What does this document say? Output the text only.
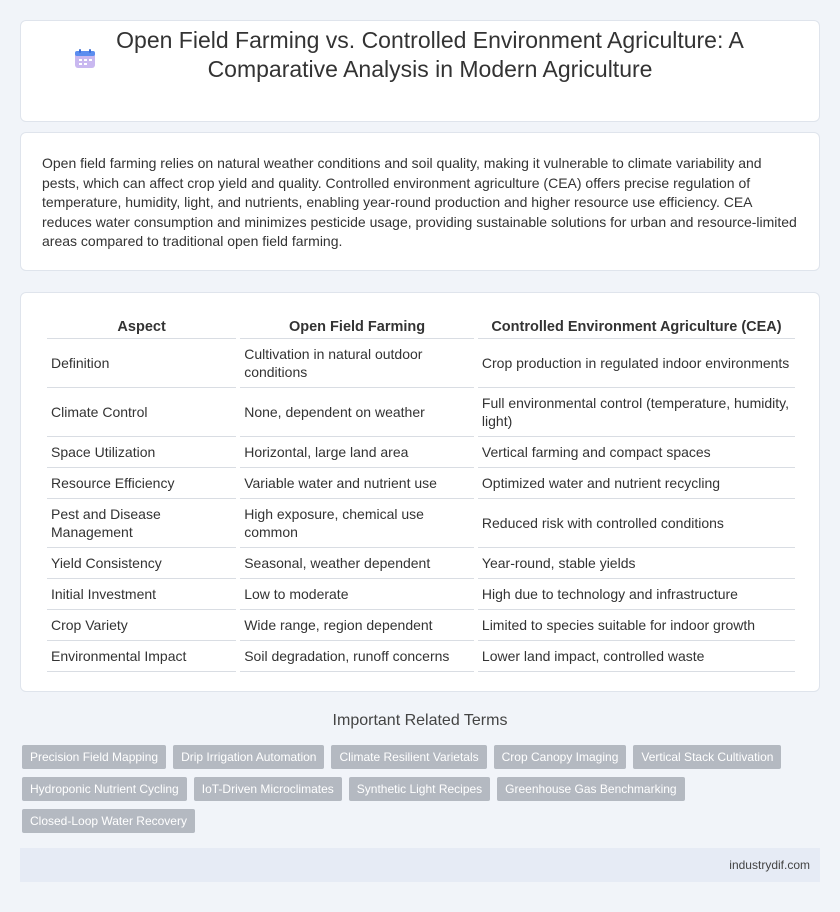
Open Field Farming vs. Controlled Environment Agriculture: A Comparative Analysis in Modern Agriculture

Open field farming relies on natural weather conditions and soil quality, making it vulnerable to climate variability and pests, which can affect crop yield and quality. Controlled environment agriculture (CEA) offers precise regulation of temperature, humidity, light, and nutrients, enabling year-round production and higher resource use efficiency. CEA reduces water consumption and minimizes pesticide usage, providing sustainable solutions for urban and resource-limited areas compared to traditional open field farming.

Aspect	Open Field Farming	Controlled Environment Agriculture (CEA)
Definition	Cultivation in natural outdoor conditions	Crop production in regulated indoor environments
Climate Control	None, dependent on weather	Full environmental control (temperature, humidity, light)
Space Utilization	Horizontal, large land area	Vertical farming and compact spaces
Resource Efficiency	Variable water and nutrient use	Optimized water and nutrient recycling
Pest and Disease Management	High exposure, chemical use common	Reduced risk with controlled conditions
Yield Consistency	Seasonal, weather dependent	Year-round, stable yields
Initial Investment	Low to moderate	High due to technology and infrastructure
Crop Variety	Wide range, region dependent	Limited to species suitable for indoor growth
Environmental Impact	Soil degradation, runoff concerns	Lower land impact, controlled waste
Important Related Terms
Precision Field Mapping	Drip Irrigation Automation	Climate Resilient Varietals	Crop Canopy Imaging	Vertical Stack Cultivation
Hydroponic Nutrient Cycling	IoT-Driven Microclimates	Synthetic Light Recipes	Greenhouse Gas Benchmarking
Closed-Loop Water Recovery
industrydif.com
